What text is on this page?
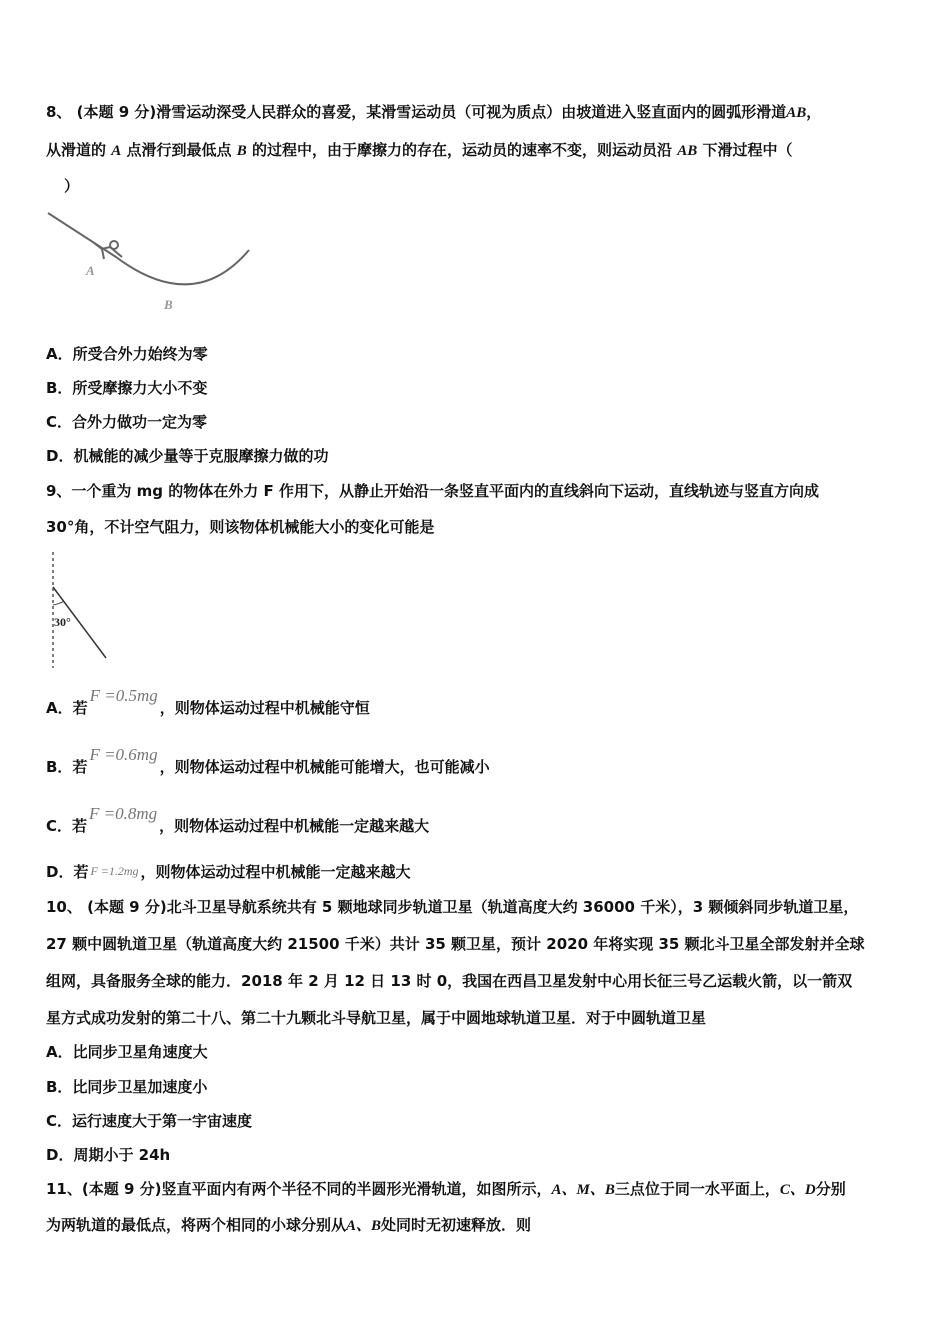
8、 (本题 9 分)滑雪运动深受人民群众的喜爱，某滑雪运动员（可视为质点）由坡道进入竖直面内的圆弧形滑道AB，
从滑道的 A 点滑行到最低点 B 的过程中，由于摩擦力的存在，运动员的速率不变，则运动员沿 AB 下滑过程中（
）
A
B
A．所受合外力始终为零
B．所受摩擦力大小不变
C．合外力做功一定为零
D．机械能的减少量等于克服摩擦力做的功
9、一个重为 mg 的物体在外力 F 作用下，从静止开始沿一条竖直平面内的直线斜向下运动，直线轨迹与竖直方向成
30°角，不计空气阻力，则该物体机械能大小的变化可能是
30°
A．若F =0.5mg，则物体运动过程中机械能守恒
B．若F =0.6mg，则物体运动过程中机械能可能增大，也可能减小
C．若F =0.8mg，则物体运动过程中机械能一定越来越大
D．若 F =1.2mg ，则物体运动过程中机械能一定越来越大
10、 (本题 9 分)北斗卫星导航系统共有 5 颗地球同步轨道卫星（轨道高度大约 36000 千米），3 颗倾斜同步轨道卫星，
27 颗中圆轨道卫星（轨道高度大约 21500 千米）共计 35 颗卫星，预计 2020 年将实现 35 颗北斗卫星全部发射并全球
组网，具备服务全球的能力．2018 年 2 月 12 日 13 时 0，我国在西昌卫星发射中心用长征三号乙运载火箭，以一箭双
星方式成功发射的第二十八、第二十九颗北斗导航卫星，属于中圆地球轨道卫星．对于中圆轨道卫星
A．比同步卫星角速度大
B．比同步卫星加速度小
C．运行速度大于第一宇宙速度
D．周期小于 24h
11、(本题 9 分)竖直平面内有两个半径不同的半圆形光滑轨道，如图所示，A、M、B三点位于同一水平面上，C、D分别
为两轨道的最低点，将两个相同的小球分别从A、B处同时无初速释放．则
